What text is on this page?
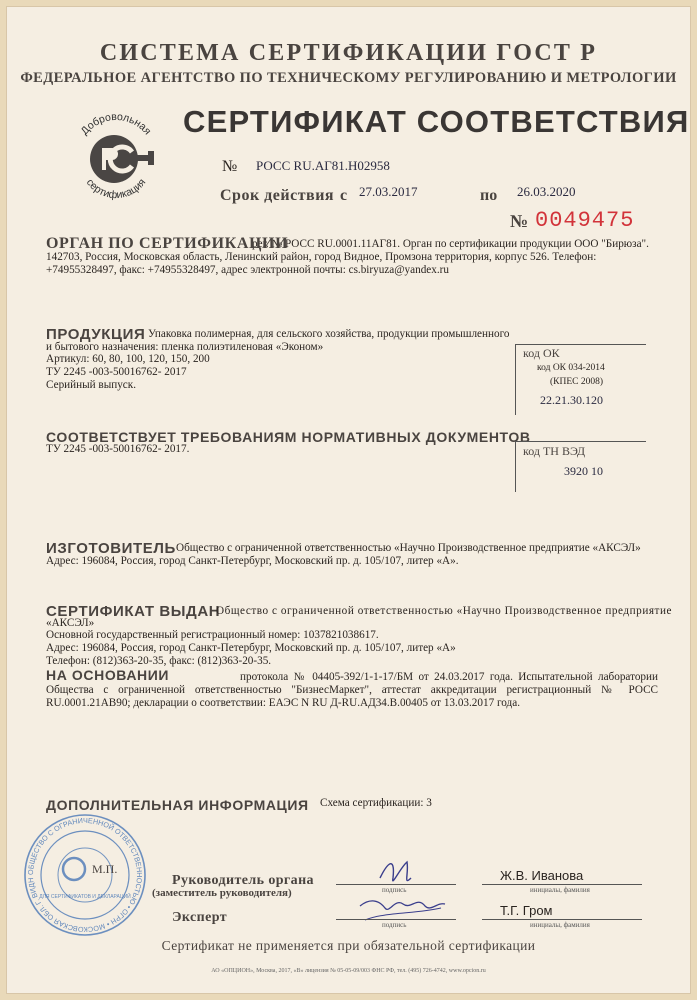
СИСТЕМА СЕРТИФИКАЦИИ ГОСТ Р
ФЕДЕРАЛЬНОЕ АГЕНТСТВО ПО ТЕХНИЧЕСКОМУ РЕГУЛИРОВАНИЮ И МЕТРОЛОГИИ
Добровольная
сертификация
СЕРТИФИКАТ СООТВЕТСТВИЯ
№ РОСС RU.АГ81.Н02958
Срок действия с 27.03.2017	по 26.03.2020
№ 0049475
рег. № РОСС RU.0001.11АГ81. Орган по сертификации продукции ООО "Бирюза". 142703, Россия, Московская область, Ленинский район, город Видное, Промзона территория, корпус 526. Телефон: +74955328497, факс: +74955328497, адрес электронной почты: cs.biryuza@yandex.ru
ОРГАН ПО СЕРТИФИКАЦИИ
ПРОДУКЦИЯ Упаковка полимерная, для сельского хозяйства, продукции промышленного
и бытового назначения: пленка полиэтиленовая «Эконом»
Артикул: 60, 80, 100, 120, 150, 200
ТУ 2245 -003-50016762- 2017
Серийный выпуск.
код ОК
код ОК 034-2014
(КПЕС 2008)
22.21.30.120
СООТВЕТСТВУЕТ ТРЕБОВАНИЯМ НОРМАТИВНЫХ ДОКУМЕНТОВ
ТУ 2245 -003-50016762- 2017.	код ТН ВЭД
3920 10
ИЗГОТОВИТЕЛЬ Общество с ограниченной ответственностью «Научно Производственное предприятие «АКСЭЛ»
Адрес: 196084, Россия, город Санкт-Петербург, Московский пр. д. 105/107, литер «А».
СЕРТИФИКАТ ВЫДАН
Общество с ограниченной ответственностью «Научно Производственное предприятие
«АКСЭЛ»
Основной государственный регистрационный номер: 1037821038617.
Адрес: 196084, Россия, город Санкт-Петербург, Московский пр. д. 105/107, литер «А»
Телефон: (812)363-20-35, факс: (812)363-20-35.
протокола № 04405-392/1-1-17/БМ от 24.03.2017 года. Испытательной лаборатории Общества с ограниченной ответственностью "БизнесМаркет", аттестат аккредитации регистрационный № РОСС RU.0001.21АВ90; декларации о соответствии: ЕАЭС N RU Д-RU.АД34.В.00405 от 13.03.2017 года.
НА ОСНОВАНИИ
ДОПОЛНИТЕЛЬНАЯ ИНФОРМАЦИЯ Схема сертификации: 3
ОБЩЕСТВО С ОГРАНИЧЕННОЙ ОТВЕТСТВЕННОСТЬЮ • ОГРН • МОСКОВСКАЯ ОБЛ. Г. ВИДН
ДЛЯ СЕРТИФИКАТОВ И ДЕКЛАРАЦИЙ
М.П.
Руководитель органа
(заместитель руководителя)
Эксперт
подпись
Ж.В. Иванова
инициалы, фамилия
подпись
Т.Г. Гром
инициалы, фамилия
Сертификат не применяется при обязательной сертификации
АО «ОПЦИОН», Москва, 2017, «В» лицензия № 05-05-09/003 ФНС РФ, тел. (495) 726-4742, www.opcion.ru
